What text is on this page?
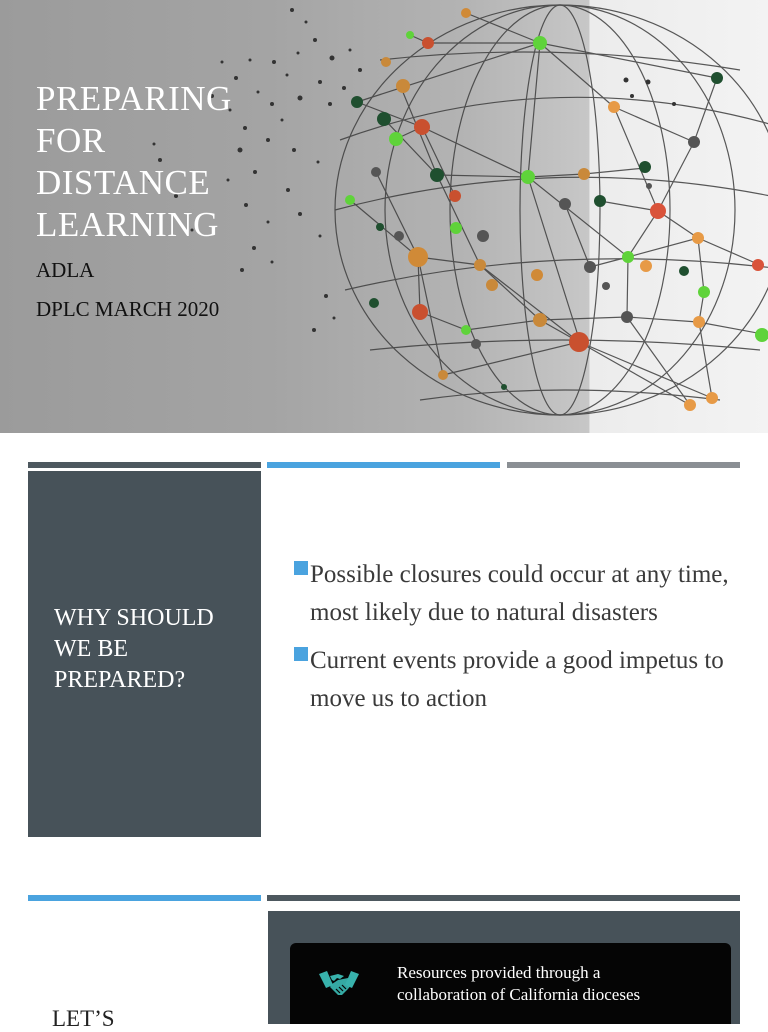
PREPARING
FOR
DISTANCE
LEARNING
ADLA
DPLC MARCH 2020
WHY SHOULD
WE BE
PREPARED?
Possible closures could occur at any time, most likely due to natural disasters
Current events provide a good impetus to move us to action
Resources provided through a
collaboration of California dioceses
LET’S
